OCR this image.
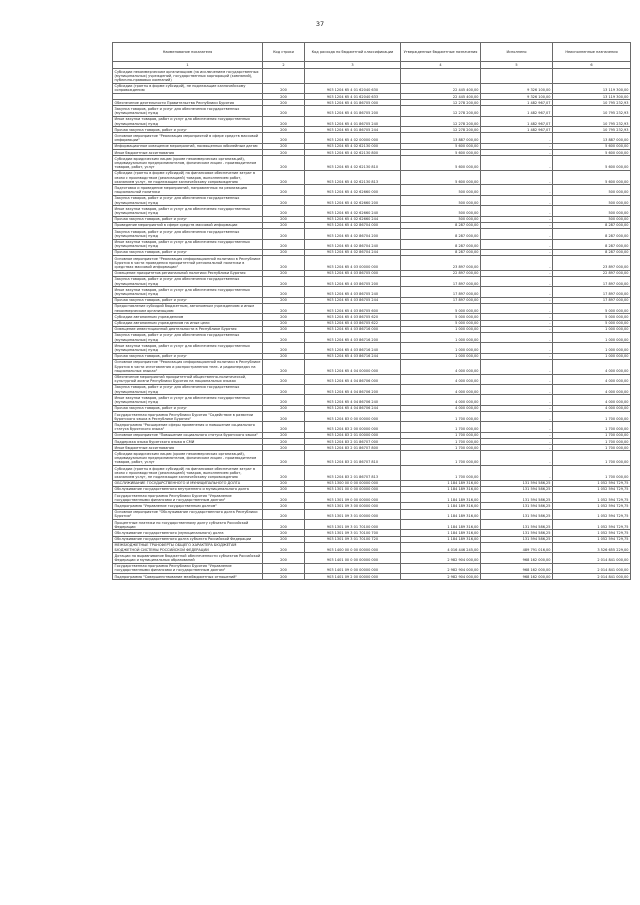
37
Наименование показателя	Код строки	Код расхода по бюджетной классификации	Утвержденные бюджетные назначения	Исполнено	Неисполненные назначения
1	2	3	4	5	6
Субсидии некоммерческим организациям (за исключением государственных (муниципальных) учреждений, государственных корпораций (компаний), публично-правовых компаний)					
Субсидии (гранты в форме субсидий), не подлежащие казначейскому сопровождению	200	903 1204 65 4 01 62040 630	22 445 400,00	9 326 100,00	13 119 300,00
	200	903 1204 65 4 01 62040 633	22 445 400,00	9 326 100,00	13 119 300,00
Обеспечение деятельности Правительства Республики Бурятия	200	903 1204 65 4 01 86705 000	12 278 200,00	1 482 967,07	10 795 232,93
Закупка товаров, работ и услуг для обеспечения государственных (муниципальных) нужд	200	903 1204 65 4 01 86705 200	12 278 200,00	1 482 967,07	10 795 232,93
Иные закупки товаров, работ и услуг для обеспечения государственных (муниципальных) нужд	200	903 1204 65 4 01 86705 240	12 278 200,00	1 482 967,07	10 795 232,93
Прочая закупка товаров, работ и услуг	200	903 1204 65 4 01 86705 244	12 278 200,00	1 482 967,07	10 795 232,93
Основное мероприятие "Реализация мероприятий в сфере средств массовой информации"	200	903 1204 65 4 02 00000 000	13 887 000,00	-	13 887 000,00
Информационное освещение мероприятий, посвященных юбилейным датам	200	903 1204 65 4 02 62130 000	5 600 000,00	-	5 600 000,00
Иные бюджетные ассигнования	200	903 1204 65 4 02 62130 800	5 600 000,00	-	5 600 000,00
Субсидии юридическим лицам (кроме некоммерческих организаций), индивидуальным предпринимателям, физическим лицам - производителям товаров, работ, услуг	200	903 1204 65 4 02 62130 810	5 600 000,00	-	5 600 000,00
Субсидии (гранты в форме субсидий) на финансовое обеспечение затрат в связи с производством (реализацией) товаров, выполнением работ, оказанием услуг, не подлежащие казначейскому сопровождению	200	903 1204 65 4 02 62130 813	5 600 000,00	-	5 600 000,00
Подготовка и проведение мероприятий, направленных на реализацию национальной политики	200	903 1204 65 4 02 62660 000	500 000,00	-	500 000,00
Закупка товаров, работ и услуг для обеспечения государственных (муниципальных) нужд	200	903 1204 65 4 02 62660 200	500 000,00	-	500 000,00
Иные закупки товаров, работ и услуг для обеспечения государственных (муниципальных) нужд	200	903 1204 65 4 02 62660 240	500 000,00	-	500 000,00
Прочая закупка товаров, работ и услуг	200	903 1204 65 4 02 62660 244	500 000,00	-	500 000,00
Проведение мероприятий в сфере средств массовой информации	200	903 1204 65 4 02 86704 000	8 287 000,00	-	8 287 000,00
Закупка товаров, работ и услуг для обеспечения государственных (муниципальных) нужд	200	903 1204 65 4 02 86704 200	8 287 000,00	-	8 287 000,00
Иные закупки товаров, работ и услуг для обеспечения государственных (муниципальных) нужд	200	903 1204 65 4 02 86704 240	8 287 000,00	-	8 287 000,00
Прочая закупка товаров, работ и услуг	200	903 1204 65 4 02 86704 244	8 287 000,00	-	8 287 000,00
Основное мероприятие "Реализация информационной политики в Республике Бурятия в части проведения приоритетной региональной политики в средствах массовой информации"	200	903 1204 65 4 03 00000 000	23 897 000,00	-	23 897 000,00
Освещение приоритетов региональной политики Республики Бурятия	200	903 1204 65 4 03 86705 000	22 897 000,00	-	22 897 000,00
Закупка товаров, работ и услуг для обеспечения государственных (муниципальных) нужд	200	903 1204 65 4 03 86705 200	17 897 000,00	-	17 897 000,00
Иные закупки товаров, работ и услуг для обеспечения государственных (муниципальных) нужд	200	903 1204 65 4 03 86705 240	17 897 000,00	-	17 897 000,00
Прочая закупка товаров, работ и услуг	200	903 1204 65 4 03 86705 244	17 897 000,00	-	17 897 000,00
Предоставление субсидий бюджетным, автономным учреждениям и иным некоммерческим организациям	200	903 1204 65 4 03 86705 600	5 000 000,00	-	5 000 000,00
Субсидии автономным учреждениям	200	903 1204 65 4 03 86705 620	5 000 000,00	-	5 000 000,00
Субсидии автономным учреждениям на иные цели	200	903 1204 65 4 03 86705 622	5 000 000,00	-	5 000 000,00
Освещение инвестиционной деятельности в Республике Бурятия	200	903 1204 65 4 03 86716 000	1 000 000,00	-	1 000 000,00
Закупка товаров, работ и услуг для обеспечения государственных (муниципальных) нужд	200	903 1204 65 4 03 86716 200	1 000 000,00	-	1 000 000,00
Иные закупки товаров, работ и услуг для обеспечения государственных (муниципальных) нужд	200	903 1204 65 4 03 86716 240	1 000 000,00	-	1 000 000,00
Прочая закупка товаров, работ и услуг	200	903 1204 65 4 03 86716 244	1 000 000,00	-	1 000 000,00
Основное мероприятие "Реализация информационной политики в Республике Бурятия в части изготовления и распространения теле- и радиопередач на национальных языках"	200	903 1204 65 4 04 00000 000	4 000 000,00	-	4 000 000,00
Обеспечение мероприятий приоритетной общественно-политической, культурной жизни Республики Бурятия на национальных языках	200	903 1204 65 4 04 86706 000	4 000 000,00	-	4 000 000,00
Закупка товаров, работ и услуг для обеспечения государственных (муниципальных) нужд	200	903 1204 65 4 04 86706 200	4 000 000,00	-	4 000 000,00
Иные закупки товаров, работ и услуг для обеспечения государственных (муниципальных) нужд	200	903 1204 65 4 04 86706 240	4 000 000,00	-	4 000 000,00
Прочая закупка товаров, работ и услуг	200	903 1204 65 4 04 86706 244	4 000 000,00	-	4 000 000,00
Государственная программа Республики Бурятия "Содействие в развитии бурятского языка в Республике Бурятия"	200	903 1204 83 0 00 00000 000	1 700 000,00	-	1 700 000,00
Подпрограмма "Расширение сферы применения и повышение социального статуса бурятского языка"	200	903 1204 83 2 00 00000 000	1 700 000,00	-	1 700 000,00
Основное мероприятие "Повышение социального статуса бурятского языка"	200	903 1204 83 2 01 00000 000	1 700 000,00	-	1 700 000,00
Поддержка языка бурятского языка в СМИ	200	903 1204 83 2 01 86707 000	1 700 000,00	-	1 700 000,00
Иные бюджетные ассигнования	200	903 1204 83 2 01 86707 800	1 700 000,00	-	1 700 000,00
Субсидии юридическим лицам (кроме некоммерческих организаций), индивидуальным предпринимателям, физическим лицам - производителям товаров, работ, услуг	200	903 1204 83 2 01 86707 810	1 700 000,00	-	1 700 000,00
Субсидии (гранты в форме субсидий) на финансовое обеспечение затрат в связи с производством (реализацией) товаров, выполнением работ, оказанием услуг, не подлежащие казначейскому сопровождению	200	903 1204 83 2 01 86707 813	1 700 000,00	-	1 700 000,00
ОБСЛУЖИВАНИЕ ГОСУДАРСТВЕННОГО И МУНИЦИПАЛЬНОГО ДОЛГА	200	903 1300 00 0 00 00000 000	1 184 189 316,00	131 594 586,25	1 052 594 729,75
Обслуживание государственного внутреннего и муниципального долга	200	903 1301 00 0 00 00000 000	1 184 189 316,00	131 594 586,25	1 052 594 729,75
Государственная программа Республики Бурятия "Управление государственными финансами и государственным долгом"	200	903 1301 09 0 00 00000 000	1 184 189 316,00	131 594 586,25	1 052 594 729,75
Подпрограмма "Управление государственным долгом"	200	903 1301 09 3 00 00000 000	1 184 189 316,00	131 594 586,25	1 052 594 729,75
Основное мероприятие "Обслуживание государственного долга Республики Бурятия"	200	903 1301 09 3 01 00000 000	1 184 189 316,00	131 594 586,25	1 052 594 729,75
Процентные платежи по государственному долгу субъекта Российской Федерации	200	903 1301 09 3 01 70100 000	1 184 189 316,00	131 594 586,25	1 052 594 729,75
Обслуживание государственного (муниципального) долга	200	903 1301 09 3 01 70100 700	1 184 189 316,00	131 594 586,25	1 052 594 729,75
Обслуживание государственного долга субъекта Российской Федерации	200	903 1301 09 3 01 70100 720	1 184 189 316,00	131 594 586,25	1 052 594 729,75
МЕЖБЮДЖЕТНЫЕ ТРАНСФЕРТЫ ОБЩЕГО ХАРАКТЕРА БЮДЖЕТАМ БЮДЖЕТНОЙ СИСТЕМЫ РОССИЙСКОЙ ФЕДЕРАЦИИ	200	903 1400 00 0 00 00000 000	4 016 446 245,00	489 791 016,00	3 526 655 229,00
Дотации на выравнивание бюджетной обеспеченности субъектов Российской Федерации и муниципальных образований	200	903 1401 00 0 00 00000 000	2 982 904 000,00	968 162 000,00	2 014 841 000,00
Государственная программа Республики Бурятия "Управление государственными финансами и государственным долгом"	200	903 1401 09 0 00 00000 000	2 982 904 000,00	968 162 000,00	2 014 841 000,00
Подпрограмма "Совершенствование межбюджетных отношений"	200	903 1401 09 2 00 00000 000	2 982 904 000,00	968 162 000,00	2 014 841 000,00
